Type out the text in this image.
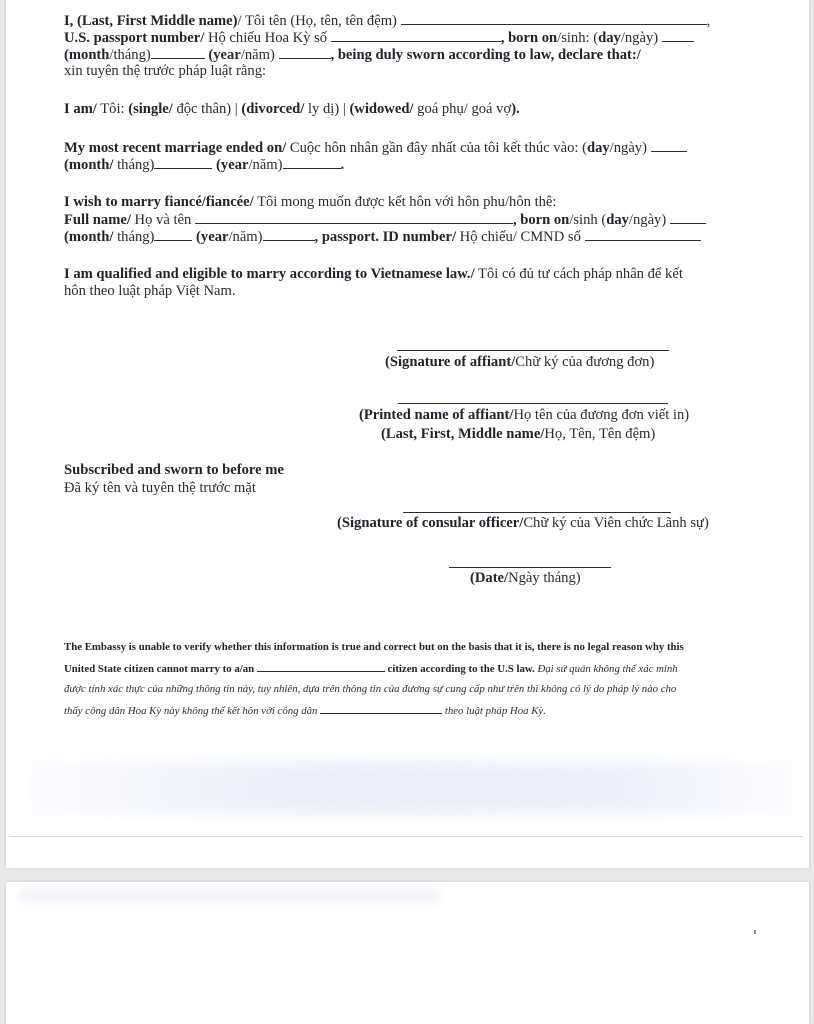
I, (Last, First Middle name)/ Tôi tên (Họ, tên, tên đệm)	,
U.S. passport number/ Hộ chiếu Hoa Kỳ số	, born on/sinh: (day/ngày)
(month/tháng)	(year/năm)	, being duly sworn according to law, declare that:/
xin tuyên thệ trước pháp luật rằng:
I am/ Tôi: (single/ độc thân) | (divorced/ ly dị) | (widowed/ goá phụ/ goá vợ).
My most recent marriage ended on/ Cuộc hôn nhân gần đây nhất của tôi kết thúc vào: (day/ngày)
(month/ tháng)	(year/năm)	.
I wish to marry fiancé/fiancée/ Tôi mong muốn được kết hôn với hôn phu/hôn thê:
Full name/ Họ và tên	, born on/sinh (day/ngày)
(month/ tháng)	(year/năm)	, passport. ID number/ Hộ chiếu/ CMND số
I am qualified and eligible to marry according to Vietnamese law./ Tôi có đủ tư cách pháp nhân để kết
hôn theo luật pháp Việt Nam.
(Signature of affiant/Chữ ký của đương đơn)
(Printed name of affiant/Họ tên của đương đơn viết in)
(Last, First, Middle name/Họ, Tên, Tên đệm)
Subscribed and sworn to before me
Đã ký tên và tuyên thệ trước mặt
(Signature of consular officer/Chữ ký của Viên chức Lãnh sự)
(Date/Ngày tháng)
The Embassy is unable to verify whether this information is true and correct but on the basis that it is, there is no legal reason why this
United State citizen cannot marry to a/an	citizen according to the U.S law. Đại sứ quán không thể xác minh
được tính xác thực của những thông tin này, tuy nhiên, dựa trên thông tin của đương sự cung cấp như trên thì không có lý do pháp lý nào cho
thấy công dân Hoa Kỳ này không thể kết hôn với công dân	theo luật pháp Hoa Kỳ.
